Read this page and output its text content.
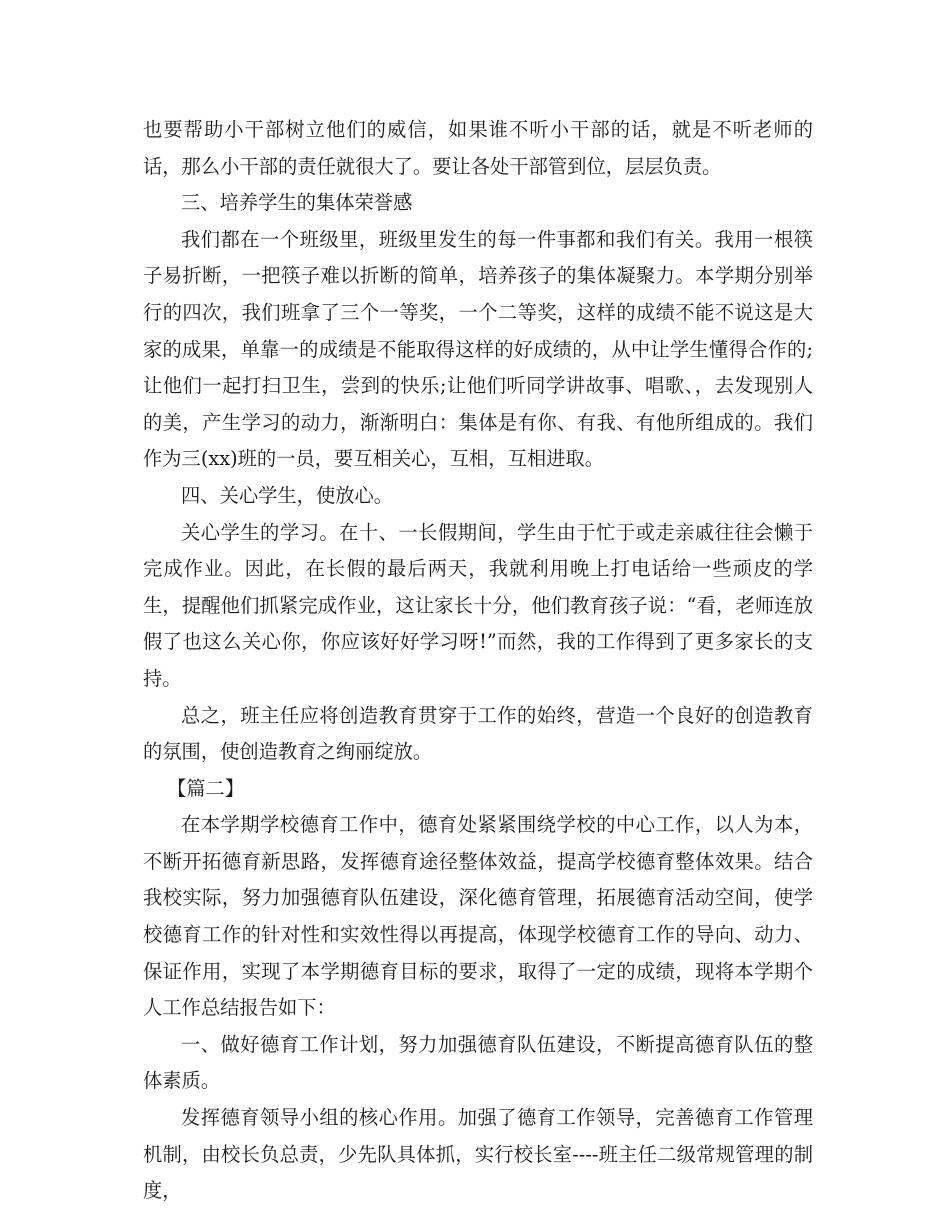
也要帮助小干部树立他们的威信，如果谁不听小干部的话，就是不听老师的话，那么小干部的责任就很大了。要让各处干部管到位，层层负责。

三、培养学生的集体荣誉感

我们都在一个班级里，班级里发生的每一件事都和我们有关。我用一根筷子易折断，一把筷子难以折断的简单，培养孩子的集体凝聚力。本学期分别举行的四次，我们班拿了三个一等奖，一个二等奖，这样的成绩不能不说这是大家的成果，单靠一的成绩是不能取得这样的好成绩的，从中让学生懂得合作的;让他们一起打扫卫生，尝到的快乐;让他们听同学讲故事、唱歌、，去发现别人的美，产生学习的动力，渐渐明白：集体是有你、有我、有他所组成的。我们作为三(xx)班的一员，要互相关心，互相，互相进取。

四、关心学生，使放心。

关心学生的学习。在十、一长假期间，学生由于忙于或走亲戚往往会懒于完成作业。因此，在长假的最后两天，我就利用晚上打电话给一些顽皮的学生，提醒他们抓紧完成作业，这让家长十分，他们教育孩子说：“看，老师连放假了也这么关心你，你应该好好学习呀!”而然，我的工作得到了更多家长的支持。

总之，班主任应将创造教育贯穿于工作的始终，营造一个良好的创造教育的氛围，使创造教育之绚丽绽放。

【篇二】

在本学期学校德育工作中，德育处紧紧围绕学校的中心工作，以人为本，不断开拓德育新思路，发挥德育途径整体效益，提高学校德育整体效果。结合我校实际，努力加强德育队伍建设，深化德育管理，拓展德育活动空间，使学校德育工作的针对性和实效性得以再提高，体现学校德育工作的导向、动力、保证作用，实现了本学期德育目标的要求，取得了一定的成绩，现将本学期个人工作总结报告如下：

一、做好德育工作计划，努力加强德育队伍建设，不断提高德育队伍的整体素质。

发挥德育领导小组的核心作用。加强了德育工作领导，完善德育工作管理机制，由校长负总责，少先队具体抓，实行校长室----班主任二级常规管理的制度，
